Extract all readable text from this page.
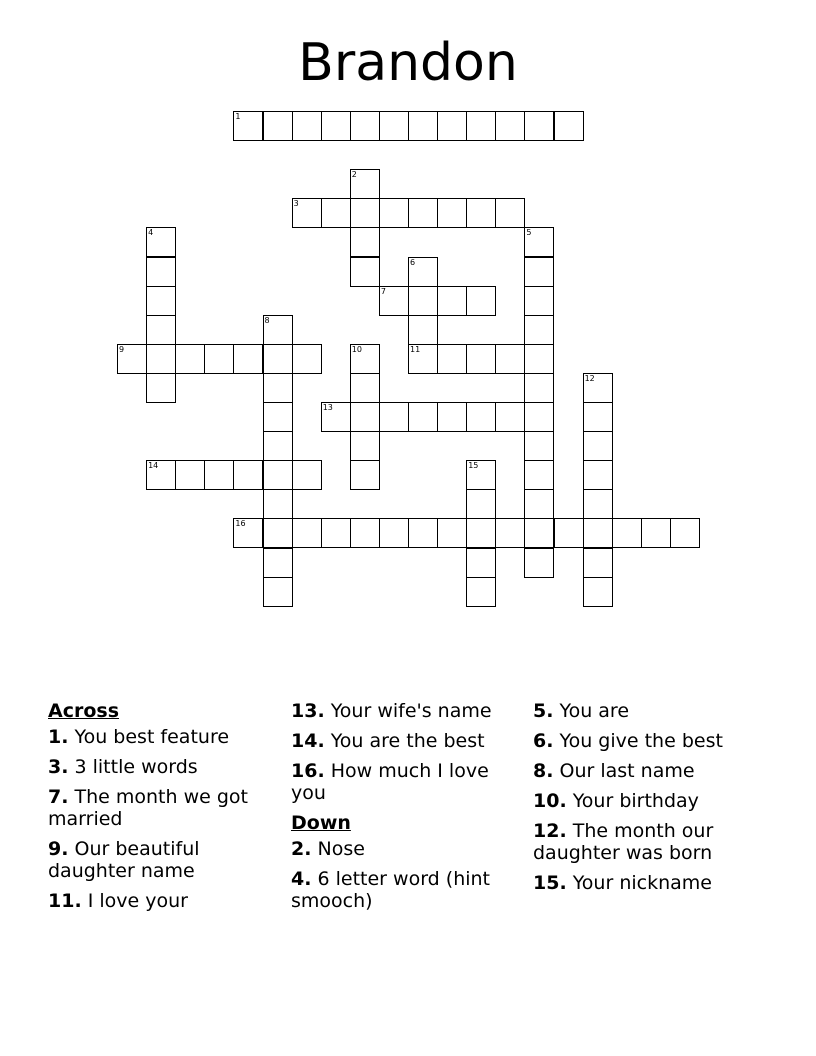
Brandon
1
2
3
4	5
6
7
8
9	10	11
12
13
14	15
16
Across
1. You best feature
3. 3 little words
7. The month we got married
9. Our beautiful daughter name
11. I love your
13. Your wife's name
14. You are the best
16. How much I love you
Down
2. Nose
4. 6 letter word (hint smooch)
5. You are
6. You give the best
8. Our last name
10. Your birthday
12. The month our daughter was born
15. Your nickname
